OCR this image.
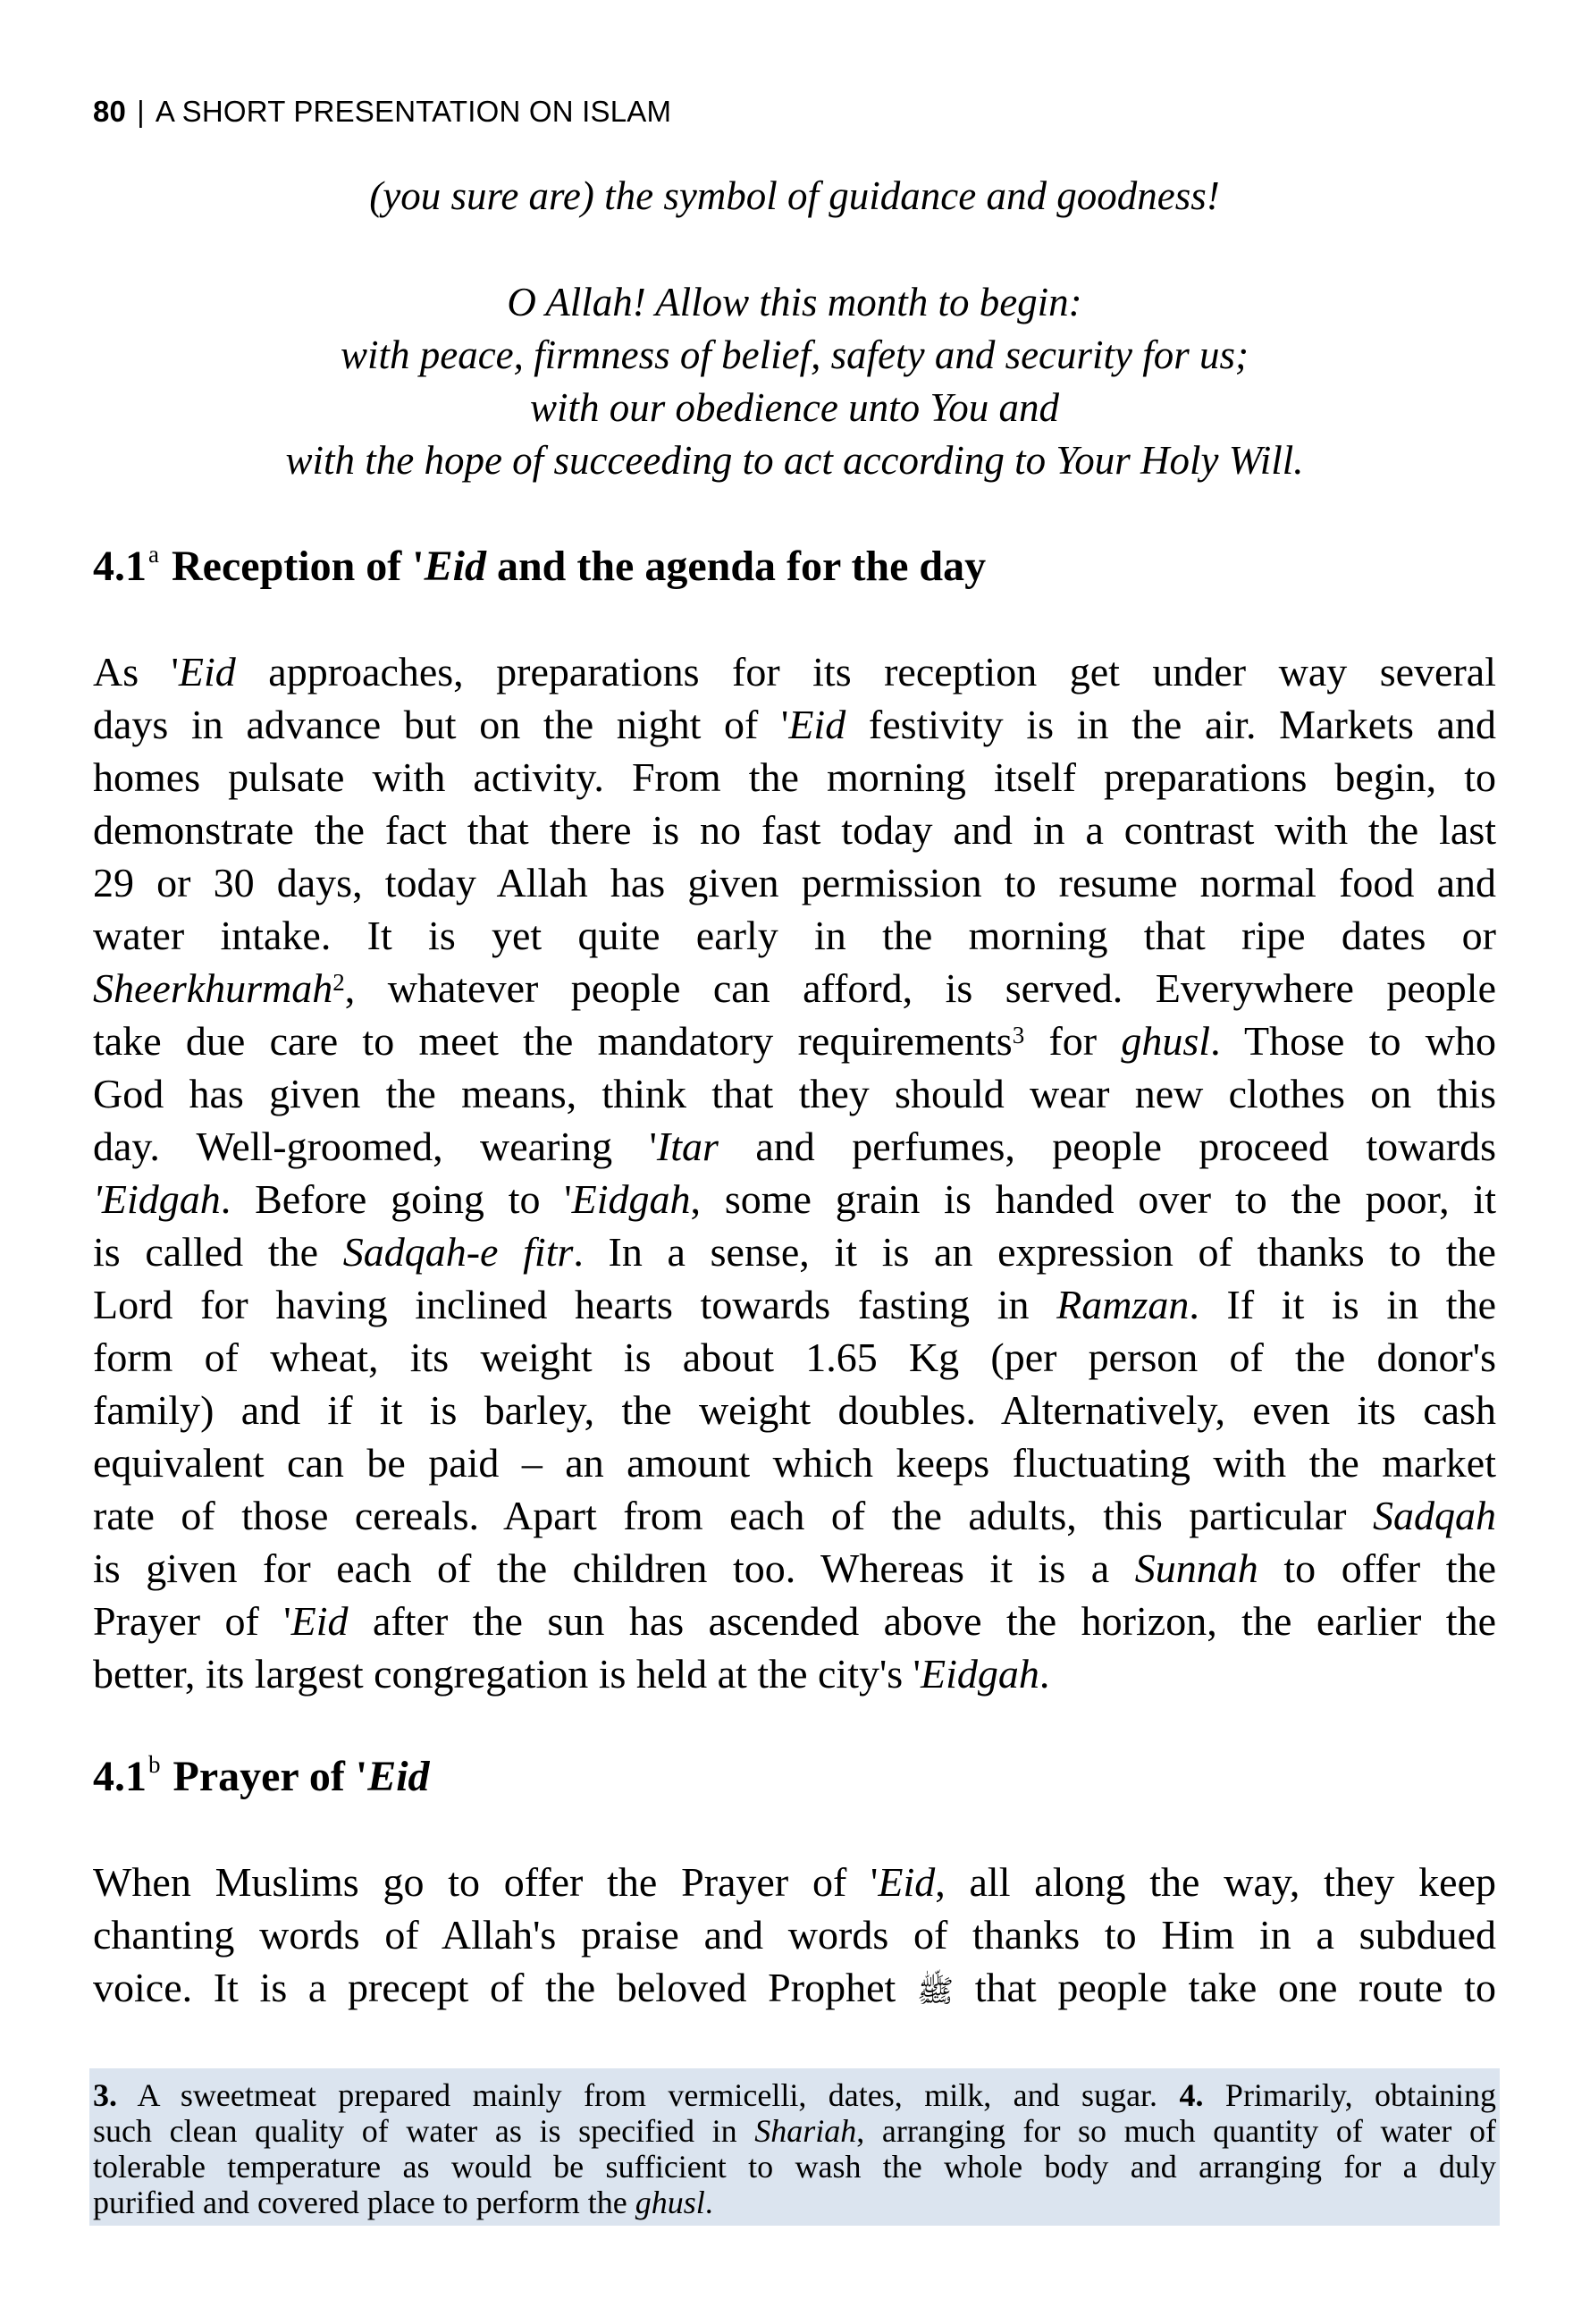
80 | A SHORT PRESENTATION ON ISLAM
(you sure are) the symbol of guidance and goodness!
O Allah! Allow this month to begin:
with peace, firmness of belief, safety and security for us;
with our obedience unto You and
with the hope of succeeding to act according to Your Holy Will.
4.1$^a$ Reception of 'Eid and the agenda for the day
As 'Eid approaches, preparations for its reception get under way several
days in advance but on the night of 'Eid festivity is in the air. Markets and
homes pulsate with activity. From the morning itself preparations begin, to
demonstrate the fact that there is no fast today and in a contrast with the last
29 or 30 days, today Allah has given permission to resume normal food and
water intake. It is yet quite early in the morning that ripe dates or
Sheerkhurmah$^2$, whatever people can afford, is served. Everywhere people
take due care to meet the mandatory requirements$^3$ for ghusl. Those to who
God has given the means, think that they should wear new clothes on this
day. Well-groomed, wearing 'Itar and perfumes, people proceed towards
'Eidgah. Before going to 'Eidgah, some grain is handed over to the poor, it
is called the Sadqah-e fitr. In a sense, it is an expression of thanks to the
Lord for having inclined hearts towards fasting in Ramzan. If it is in the
form of wheat, its weight is about 1.65 Kg (per person of the donor's
family) and if it is barley, the weight doubles. Alternatively, even its cash
equivalent can be paid – an amount which keeps fluctuating with the market
rate of those cereals. Apart from each of the adults, this particular Sadqah
is given for each of the children too. Whereas it is a Sunnah to offer the
Prayer of 'Eid after the sun has ascended above the horizon, the earlier the
better, its largest congregation is held at the city's 'Eidgah.
4.1$^b$ Prayer of 'Eid
When Muslims go to offer the Prayer of 'Eid, all along the way, they keep
chanting words of Allah's praise and words of thanks to Him in a subdued
voice. It is a precept of the beloved Prophet ﷺ that people take one route to
3. A sweetmeat prepared mainly from vermicelli, dates, milk, and sugar. 4. Primarily, obtaining
such clean quality of water as is specified in Shariah, arranging for so much quantity of water of
tolerable temperature as would be sufficient to wash the whole body and arranging for a duly
purified and covered place to perform the ghusl.
